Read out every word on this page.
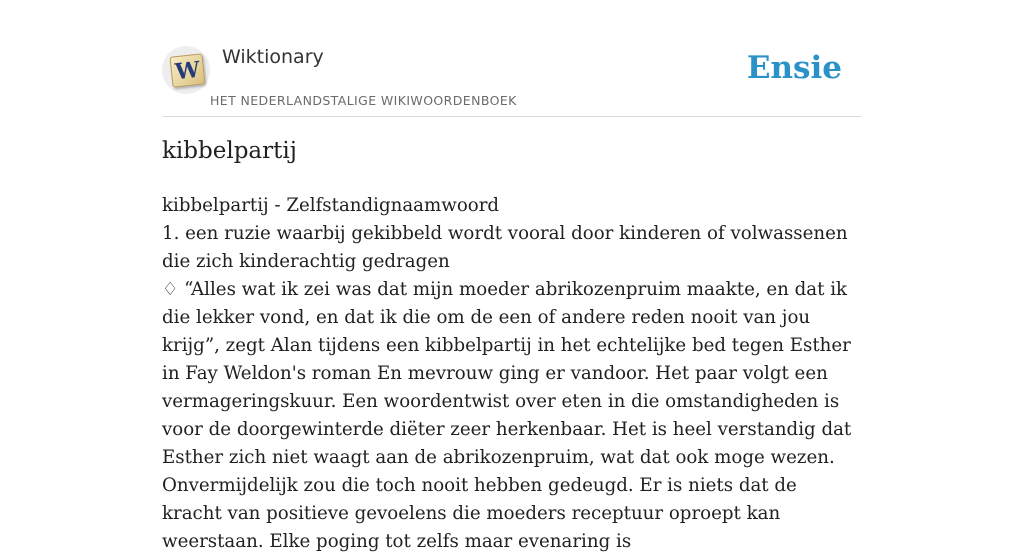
W Wiktionary
HET NEDERLANDSTALIGE WIKIWOORDENBOEK
Ensie
kibbelpartij

kibbelpartij - Zelfstandignaamwoord

1. een ruzie waarbij gekibbeld wordt vooral door kinderen of volwassenen die zich kinderachtig gedragen

♢ “Alles wat ik zei was dat mijn moeder abrikozenpruim maakte, en dat ik die lekker vond, en dat ik die om de een of andere reden nooit van jou krijg”, zegt Alan tijdens een kibbelpartij in het echtelijke bed tegen Esther in Fay Weldon's roman En mevrouw ging er vandoor. Het paar volgt een vermageringskuur. Een woordentwist over eten in die omstandigheden is voor de doorgewinterde diëter zeer herkenbaar. Het is heel verstandig dat Esther zich niet waagt aan de abrikozenpruim, wat dat ook moge wezen. Onvermijdelijk zou die toch nooit hebben gedeugd. Er is niets dat de kracht van positieve gevoelens die moeders receptuur oproept kan weerstaan. Elke poging tot zelfs maar evenaring is
